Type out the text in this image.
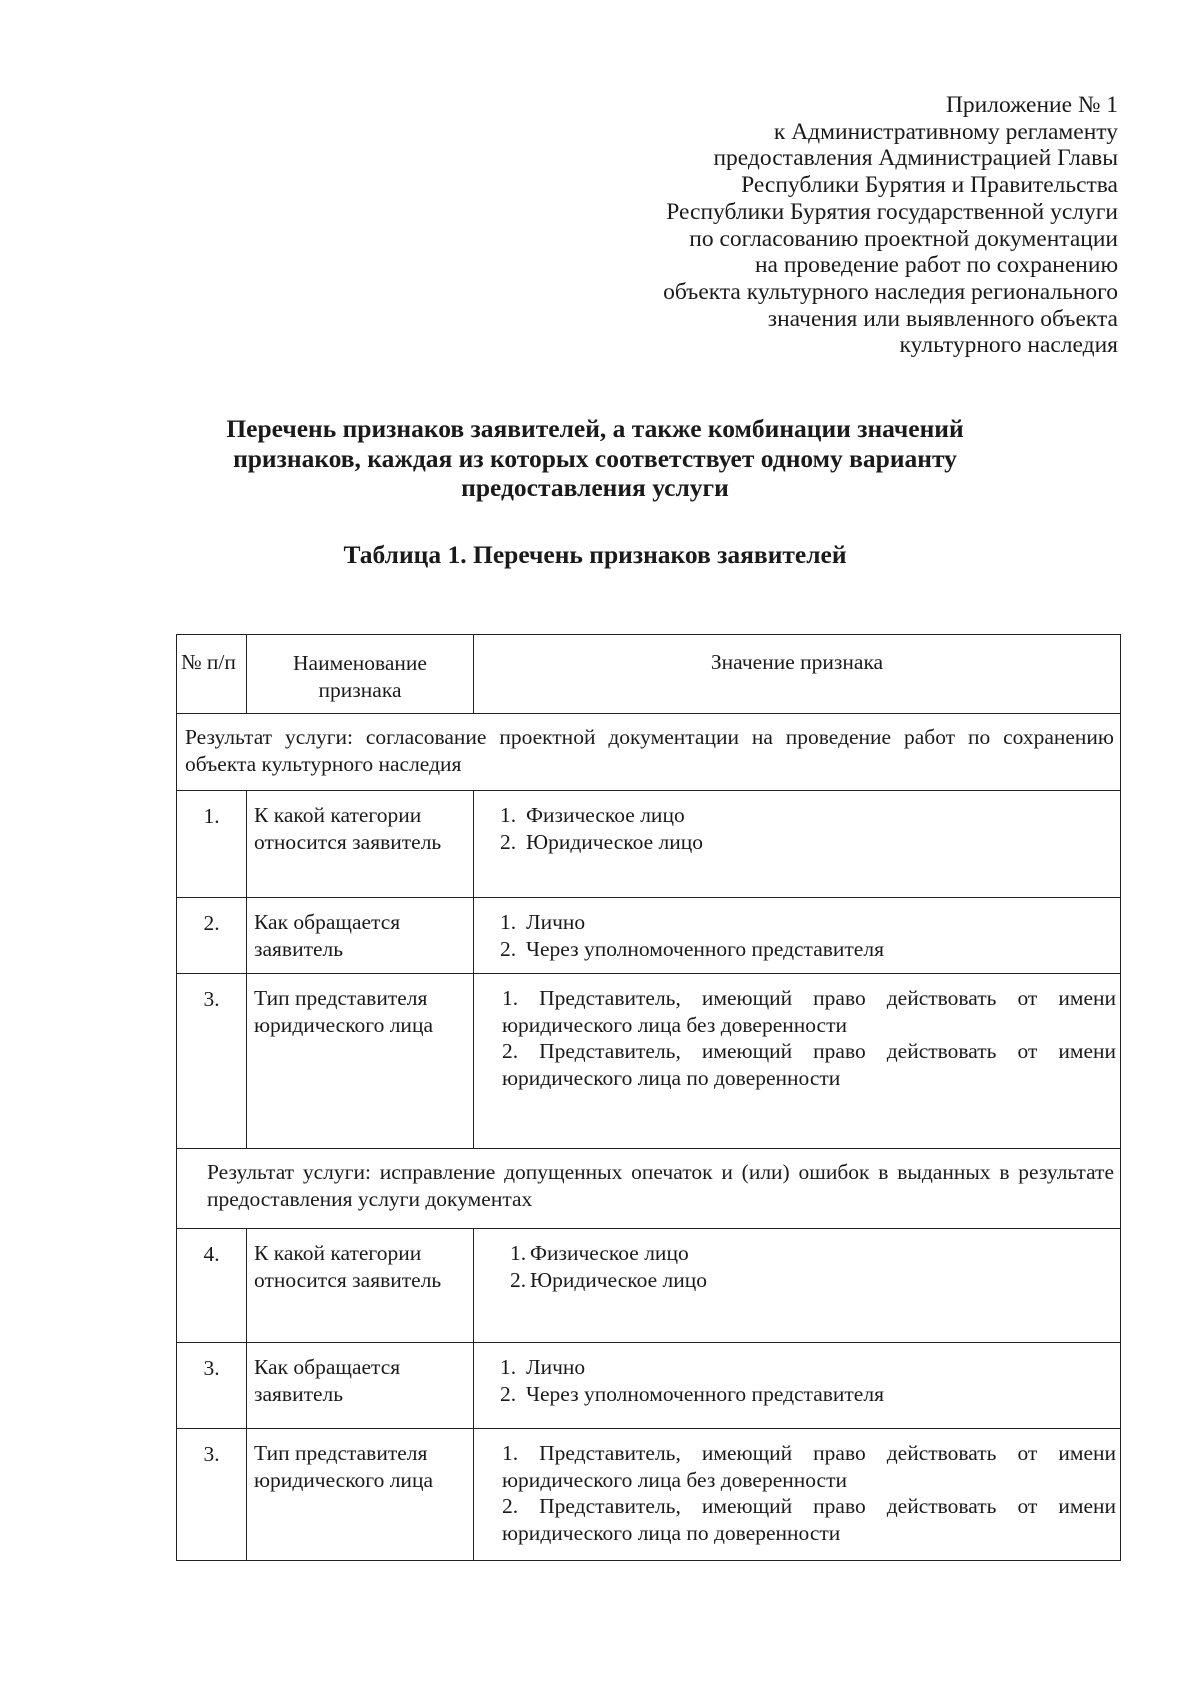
Приложение № 1
к Административному регламенту
предоставления Администрацией Главы
Республики Бурятия и Правительства
Республики Бурятия государственной услуги
по согласованию проектной документации
на проведение работ по сохранению
объекта культурного наследия регионального
значения или выявленного объекта
культурного наследия
Перечень признаков заявителей, а также комбинации значений
признаков, каждая из которых соответствует одному варианту
предоставления услуги
Таблица 1. Перечень признаков заявителей
№ п/п	Наименование признака	Значение признака
Результат услуги: согласование проектной документации на проведение работ по сохранению объекта культурного наследия		
1.	К какой категории относится заявитель	1. Физическое лицо
2. Юридическое лицо

2.	Как обращается заявитель	1. Лично
2. Через уполномоченного представителя

3.	Тип представителя юридического лица	1. Представитель, имеющий право действовать от имени юридического лица без доверенности
2. Представитель, имеющий право действовать от имени юридического лица по доверенности

Результат услуги: исправление допущенных опечаток и (или) ошибок в выданных в результате предоставления услуги документах		
4.	К какой категории относится заявитель	1. Физическое лицо
2. Юридическое лицо

3.	Как обращается заявитель	1. Лично
2. Через уполномоченного представителя

3.	Тип представителя юридического лица	1. Представитель, имеющий право действовать от имени юридического лица без доверенности
2. Представитель, имеющий право действовать от имени юридического лица по доверенности
